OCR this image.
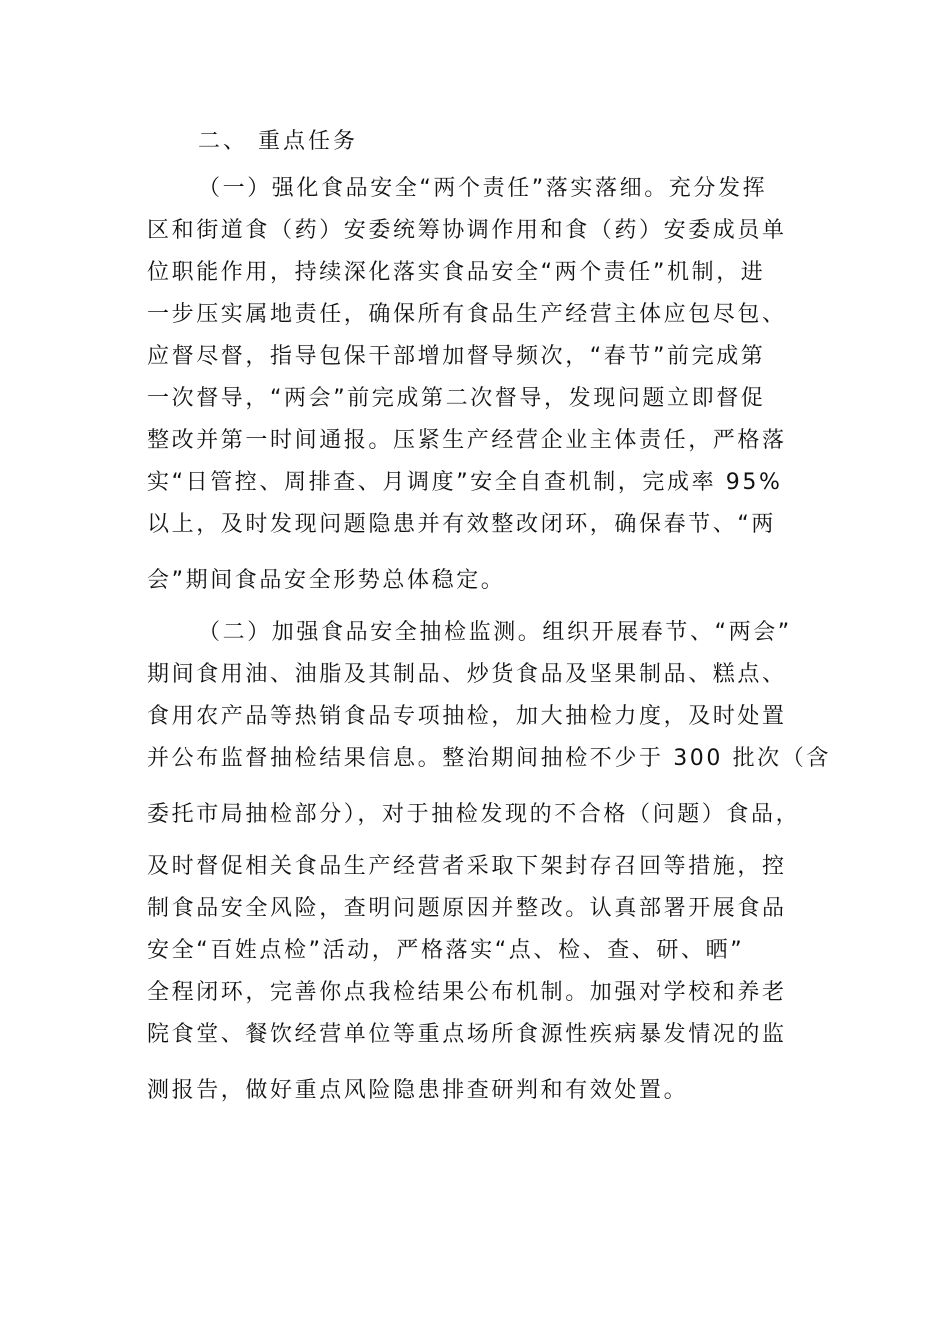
二、 重点任务
（一）强化食品安全“两个责任”落实落细。充分发挥
区和街道食（药）安委统筹协调作用和食（药）安委成员单
位职能作用，持续深化落实食品安全“两个责任”机制，进
一步压实属地责任，确保所有食品生产经营主体应包尽包、
应督尽督，指导包保干部增加督导频次，“春节”前完成第
一次督导，“两会”前完成第二次督导，发现问题立即督促
整改并第一时间通报。压紧生产经营企业主体责任，严格落
实“日管控、周排查、月调度”安全自查机制，完成率 95%
以上，及时发现问题隐患并有效整改闭环，确保春节、“两
会”期间食品安全形势总体稳定。
（二）加强食品安全抽检监测。组织开展春节、“两会”
期间食用油、油脂及其制品、炒货食品及坚果制品、糕点、
食用农产品等热销食品专项抽检，加大抽检力度，及时处置
并公布监督抽检结果信息。整治期间抽检不少于 300 批次（含
委托市局抽检部分），对于抽检发现的不合格（问题）食品，
及时督促相关食品生产经营者采取下架封存召回等措施，控
制食品安全风险，查明问题原因并整改。认真部署开展食品
安全“百姓点检”活动，严格落实“点、检、查、研、晒”
全程闭环，完善你点我检结果公布机制。加强对学校和养老
院食堂、餐饮经营单位等重点场所食源性疾病暴发情况的监
测报告，做好重点风险隐患排查研判和有效处置。
